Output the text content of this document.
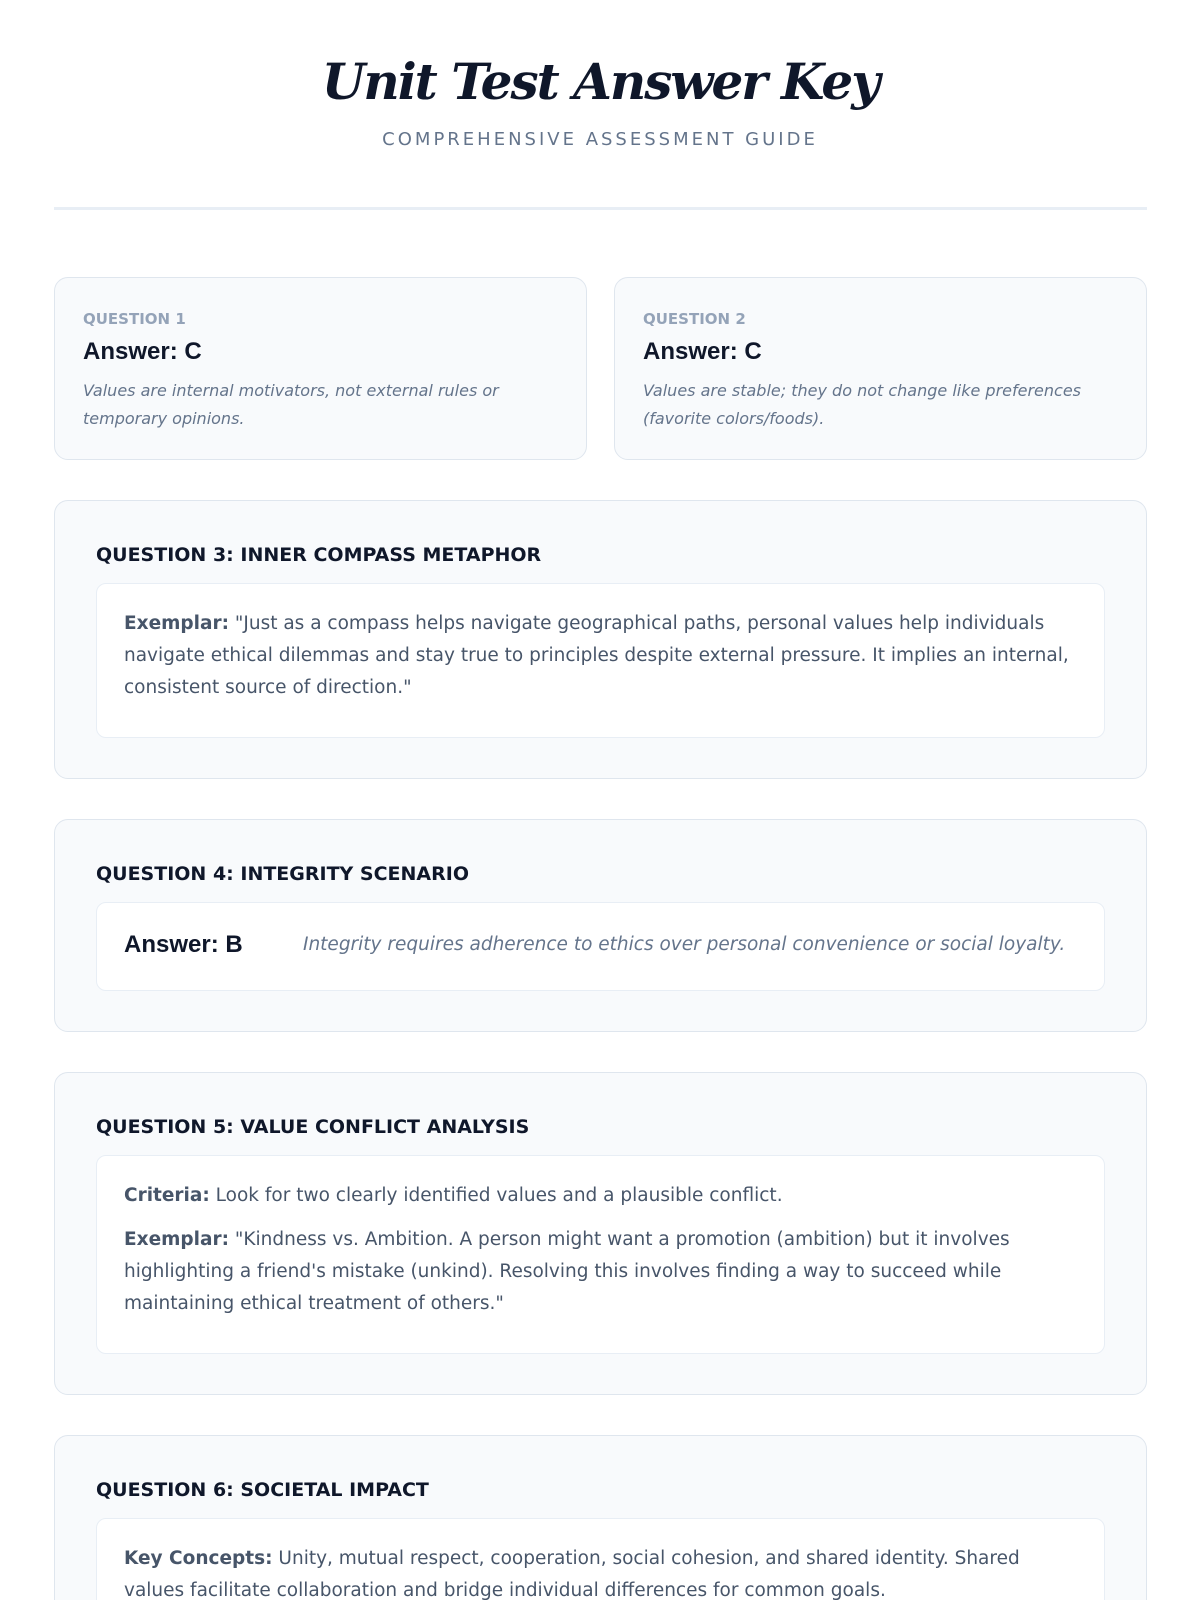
Unit Test Answer Key
COMPREHENSIVE ASSESSMENT GUIDE
QUESTION 1
Answer: C
Values are internal motivators, not external rules or temporary opinions.
QUESTION 2
Answer: C
Values are stable; they do not change like preferences (favorite colors/foods).
QUESTION 3: INNER COMPASS METAPHOR

Exemplar: "Just as a compass helps navigate geographical paths, personal values help individuals navigate ethical dilemmas and stay true to principles despite external pressure. It implies an internal, consistent source of direction."

QUESTION 4: INTEGRITY SCENARIO
Answer: B	Integrity requires adherence to ethics over personal convenience or social loyalty.
QUESTION 5: VALUE CONFLICT ANALYSIS

Criteria: Look for two clearly identified values and a plausible conflict.

Exemplar: "Kindness vs. Ambition. A person might want a promotion (ambition) but it involves highlighting a friend's mistake (unkind). Resolving this involves finding a way to succeed while maintaining ethical treatment of others."

QUESTION 6: SOCIETAL IMPACT

Key Concepts: Unity, mutual respect, cooperation, social cohesion, and shared identity. Shared values facilitate collaboration and bridge individual differences for common goals.
